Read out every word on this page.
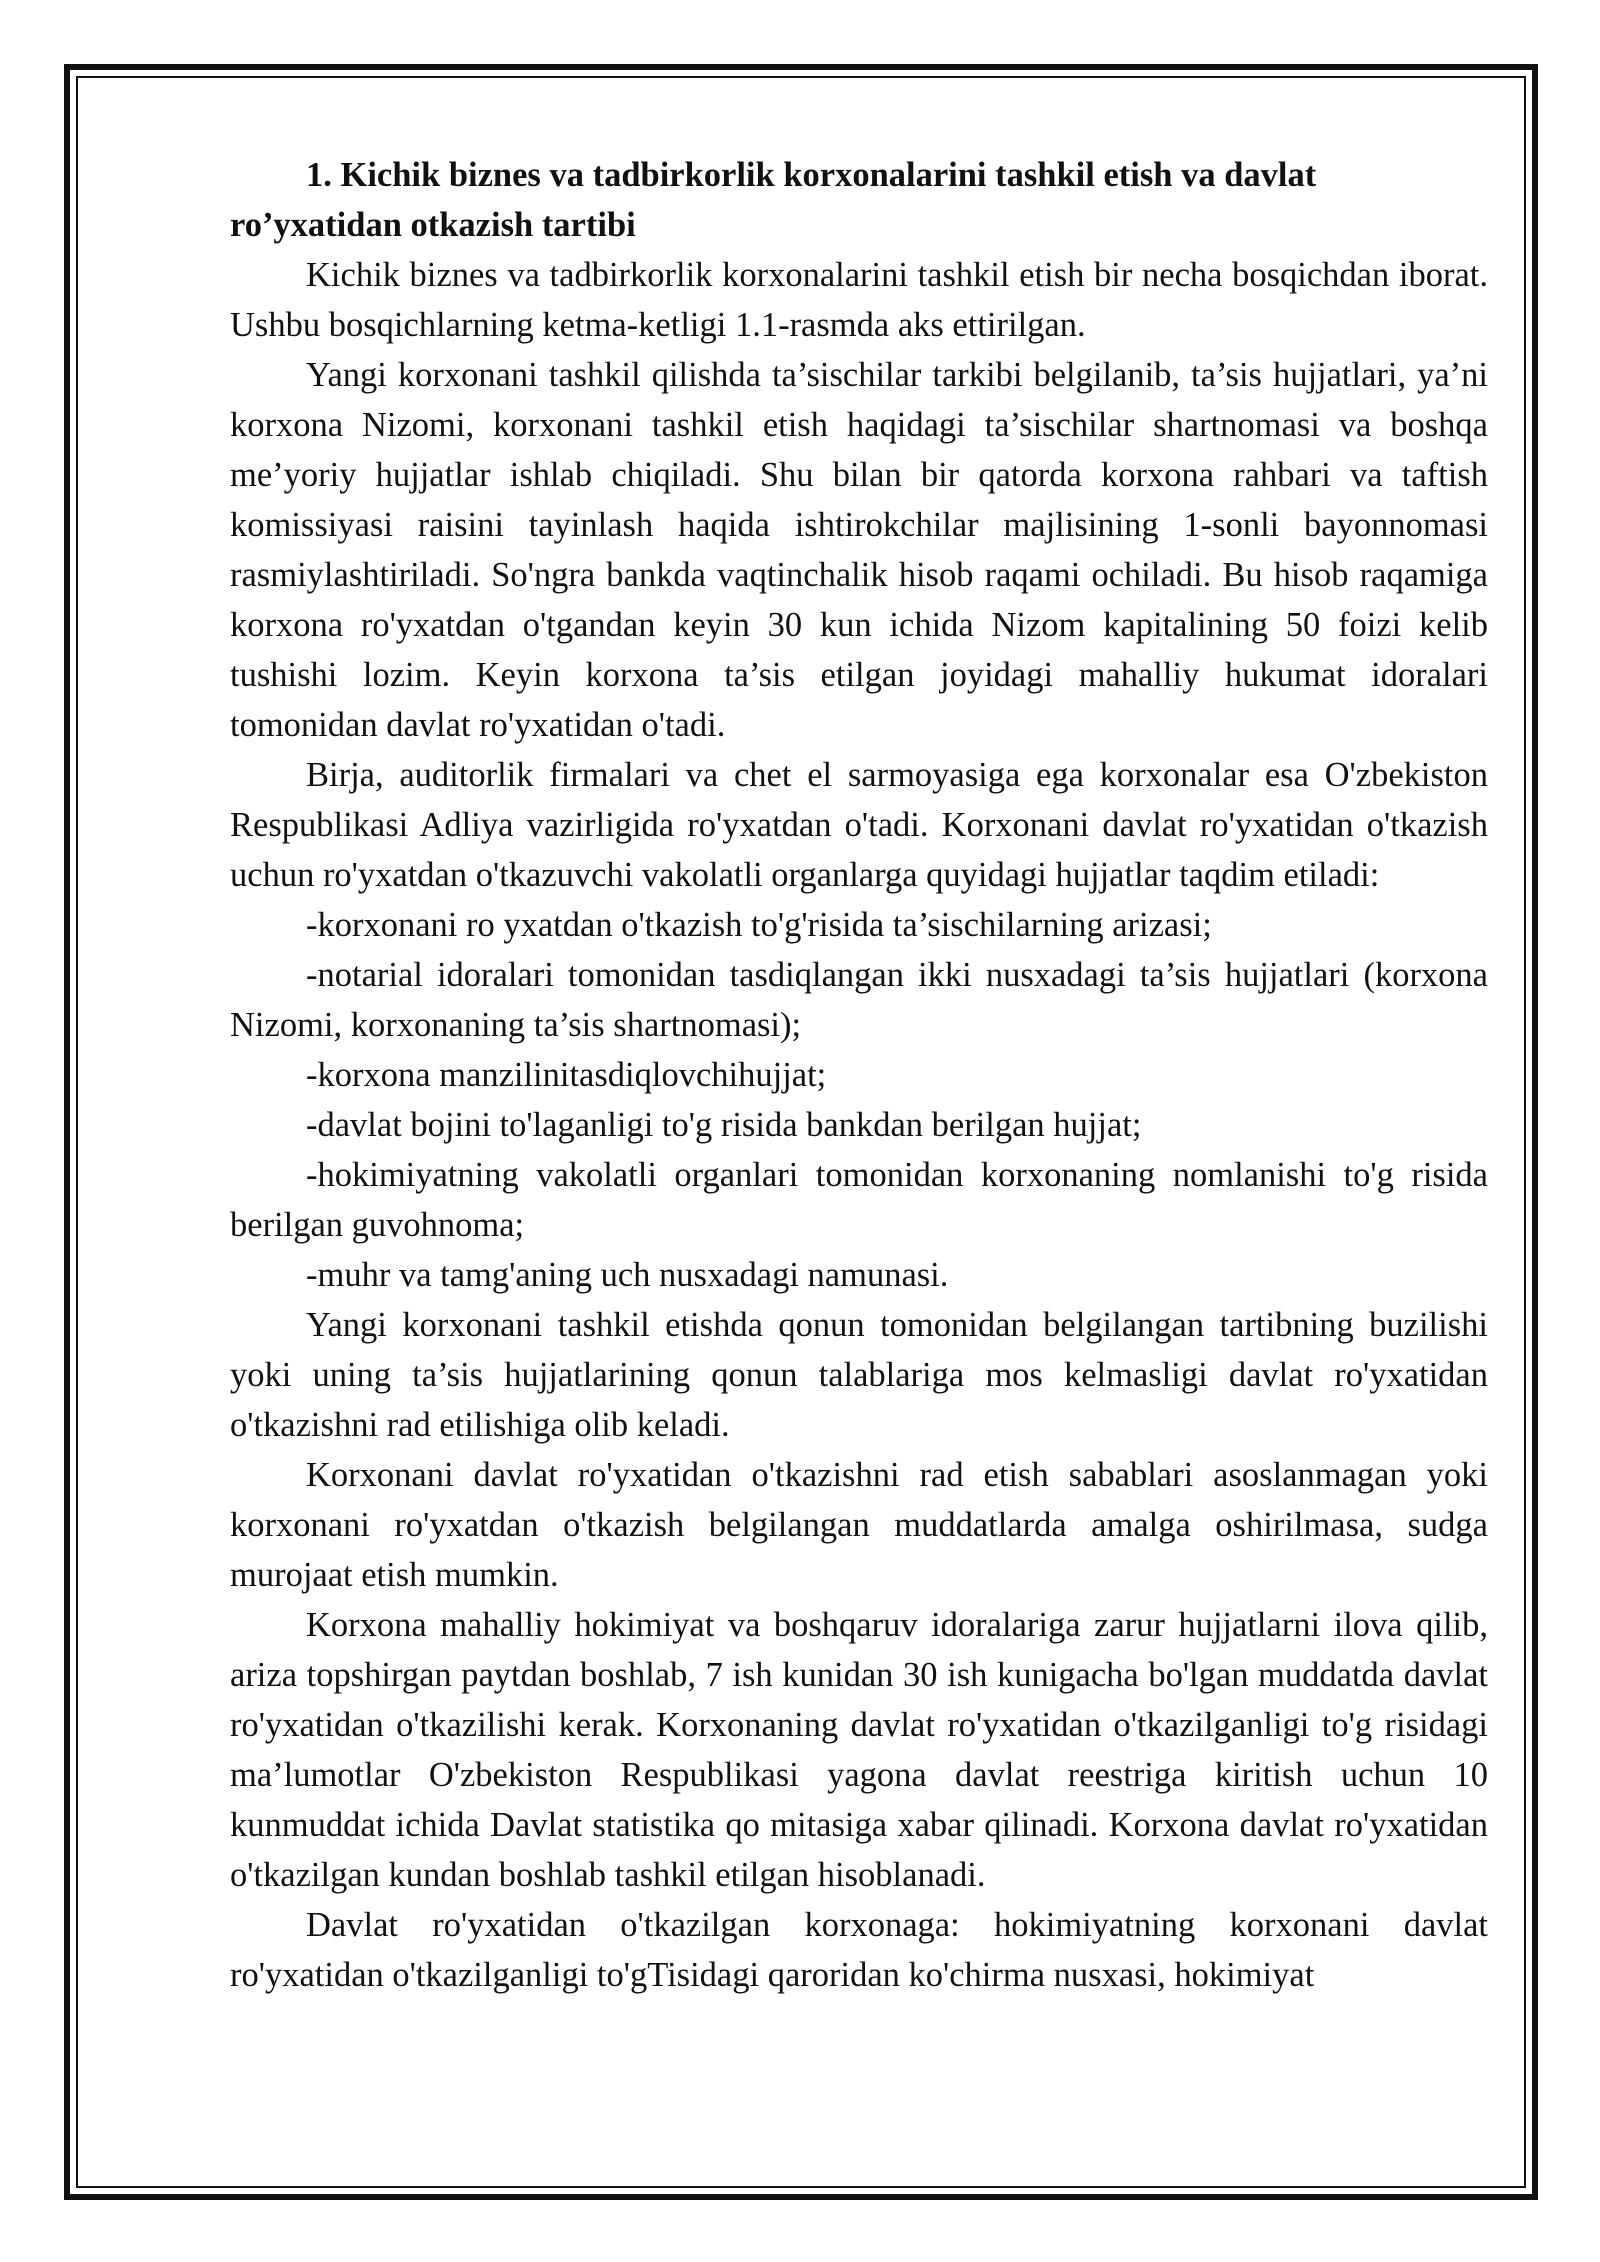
1. Kichik biznes va tadbirkorlik korxonalarini tashkil etish va davlat ro’yxatidan otkazish tartibi

Kichik biznes va tadbirkorlik korxonalarini tashkil etish bir necha bosqichdan iborat. Ushbu bosqichlarning ketma-ketligi 1.1-rasmda aks ettirilgan.

Yangi korxonani tashkil qilishda ta’sischilar tarkibi belgilanib, ta’sis hujjatlari, ya’ni korxona Nizomi, korxonani tashkil etish haqidagi ta’sischilar shartnomasi va boshqa me’yoriy hujjatlar ishlab chiqiladi. Shu bilan bir qatorda korxona rahbari va taftish komissiyasi raisini tayinlash haqida ishtirokchilar majlisining 1-sonli bayonnomasi rasmiylashtiriladi. So'ngra bankda vaqtinchalik hisob raqami ochiladi. Bu hisob raqamiga korxona ro'yxatdan o'tgandan keyin 30 kun ichida Nizom kapitalining 50 foizi kelib tushishi lozim. Keyin korxona ta’sis etilgan joyidagi mahalliy hukumat idoralari tomonidan davlat ro'yxatidan o'tadi.

Birja, auditorlik firmalari va chet el sarmoyasiga ega korxonalar esa O'zbekiston Respublikasi Adliya vazirligida ro'yxatdan o'tadi. Korxonani davlat ro'yxatidan o'tkazish uchun ro'yxatdan o'tkazuvchi vakolatli organlarga quyidagi hujjatlar taqdim etiladi:

-korxonani ro yxatdan o'tkazish to'g'risida ta’sischilarning arizasi;

-notarial idoralari tomonidan tasdiqlangan ikki nusxadagi ta’sis hujjatlari (korxona Nizomi, korxonaning ta’sis shartnomasi);

-korxona manzilinitasdiqlovchihujjat;

-davlat bojini to'laganligi to'g risida bankdan berilgan hujjat;

-hokimiyatning vakolatli organlari tomonidan korxonaning nomlanishi to'g risida berilgan guvohnoma;

-muhr va tamg'aning uch nusxadagi namunasi.

Yangi korxonani tashkil etishda qonun tomonidan belgilangan tartibning buzilishi yoki uning ta’sis hujjatlarining qonun talablariga mos kelmasligi davlat ro'yxatidan o'tkazishni rad etilishiga olib keladi.

Korxonani davlat ro'yxatidan o'tkazishni rad etish sabablari asoslanmagan yoki korxonani ro'yxatdan o'tkazish belgilangan muddatlarda amalga oshirilmasa, sudga murojaat etish mumkin.

Korxona mahalliy hokimiyat va boshqaruv idoralariga zarur hujjatlarni ilova qilib, ariza topshirgan paytdan boshlab, 7 ish kunidan 30 ish kunigacha bo'lgan muddatda davlat ro'yxatidan o'tkazilishi kerak. Korxonaning davlat ro'yxatidan o'tkazilganligi to'g risidagi ma’lumotlar O'zbekiston Respublikasi yagona davlat reestriga kiritish uchun 10 kunmuddat ichida Davlat statistika qo mitasiga xabar qilinadi. Korxona davlat ro'yxatidan o'tkazilgan kundan boshlab tashkil etilgan hisoblanadi.

Davlat ro'yxatidan o'tkazilgan korxonaga: hokimiyatning korxonani davlat ro'yxatidan o'tkazilganligi to'gTisidagi qaroridan ko'chirma nusxasi, hokimiyat
